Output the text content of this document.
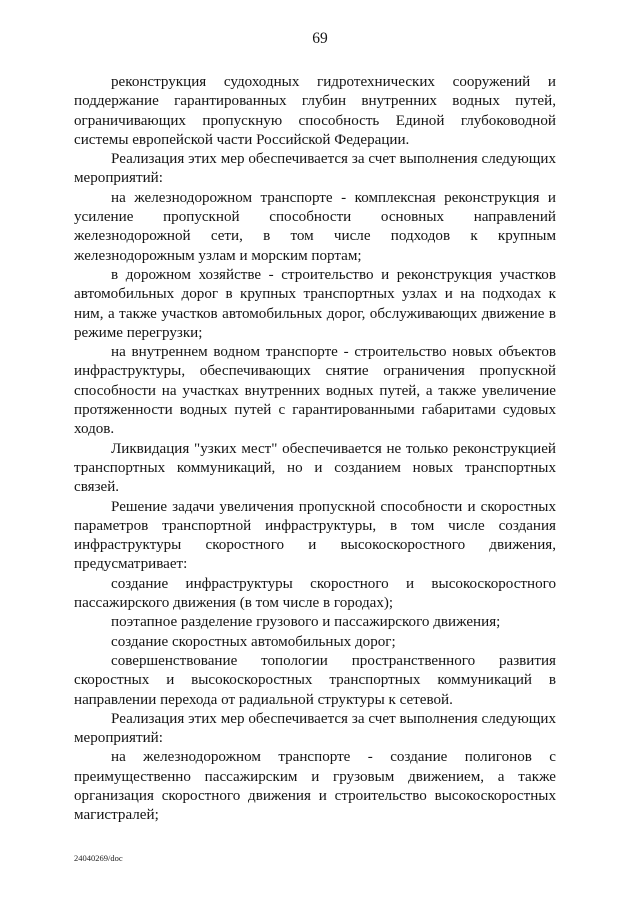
69

реконструкция судоходных гидротехнических сооружений и поддержание гарантированных глубин внутренних водных путей, ограничивающих пропускную способность Единой глубоководной системы европейской части Российской Федерации.

Реализация этих мер обеспечивается за счет выполнения следующих мероприятий:

на железнодорожном транспорте - комплексная реконструкция и усиление пропускной способности основных направлений железнодорожной сети, в том числе подходов к крупным железнодорожным узлам и морским портам;

в дорожном хозяйстве - строительство и реконструкция участков автомобильных дорог в крупных транспортных узлах и на подходах к ним, а также участков автомобильных дорог, обслуживающих движение в режиме перегрузки;

на внутреннем водном транспорте - строительство новых объектов инфраструктуры, обеспечивающих снятие ограничения пропускной способности на участках внутренних водных путей, а также увеличение протяженности водных путей с гарантированными габаритами судовых ходов.

Ликвидация "узких мест" обеспечивается не только реконструкцией транспортных коммуникаций, но и созданием новых транспортных связей.

Решение задачи увеличения пропускной способности и скоростных параметров транспортной инфраструктуры, в том числе создания инфраструктуры скоростного и высокоскоростного движения, предусматривает:

создание инфраструктуры скоростного и высокоскоростного пассажирского движения (в том числе в городах);

поэтапное разделение грузового и пассажирского движения;

создание скоростных автомобильных дорог;

совершенствование топологии пространственного развития скоростных и высокоскоростных транспортных коммуникаций в направлении перехода от радиальной структуры к сетевой.

Реализация этих мер обеспечивается за счет выполнения следующих мероприятий:

на железнодорожном транспорте - создание полигонов с преимущественно пассажирским и грузовым движением, а также организация скоростного движения и строительство высокоскоростных магистралей;

24040269/doc
